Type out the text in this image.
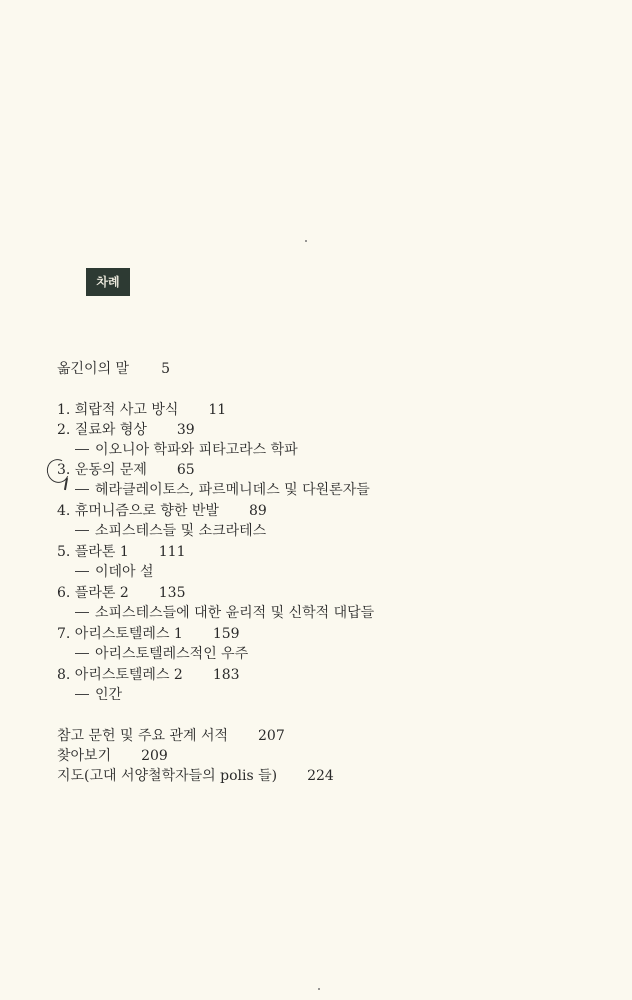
차례
옮긴이의 말 5
1. 희랍적 사고 방식 11
2. 질료와 형상 39
이오니아 학파와 피타고라스 학파
3. 운동의 문제 65
헤라클레이토스, 파르메니데스 및 다원론자들
4. 휴머니즘으로 향한 반발 89
소피스테스들 및 소크라테스
5. 플라톤 1 111
이데아 설
6. 플라톤 2 135
소피스테스들에 대한 윤리적 및 신학적 대답들
7. 아리스토텔레스 1 159
아리스토텔레스적인 우주
8. 아리스토텔레스 2 183
인간
참고 문헌 및 주요 관계 서적 207
찾아보기 209
지도(고대 서양철학자들의 polis 들) 224
